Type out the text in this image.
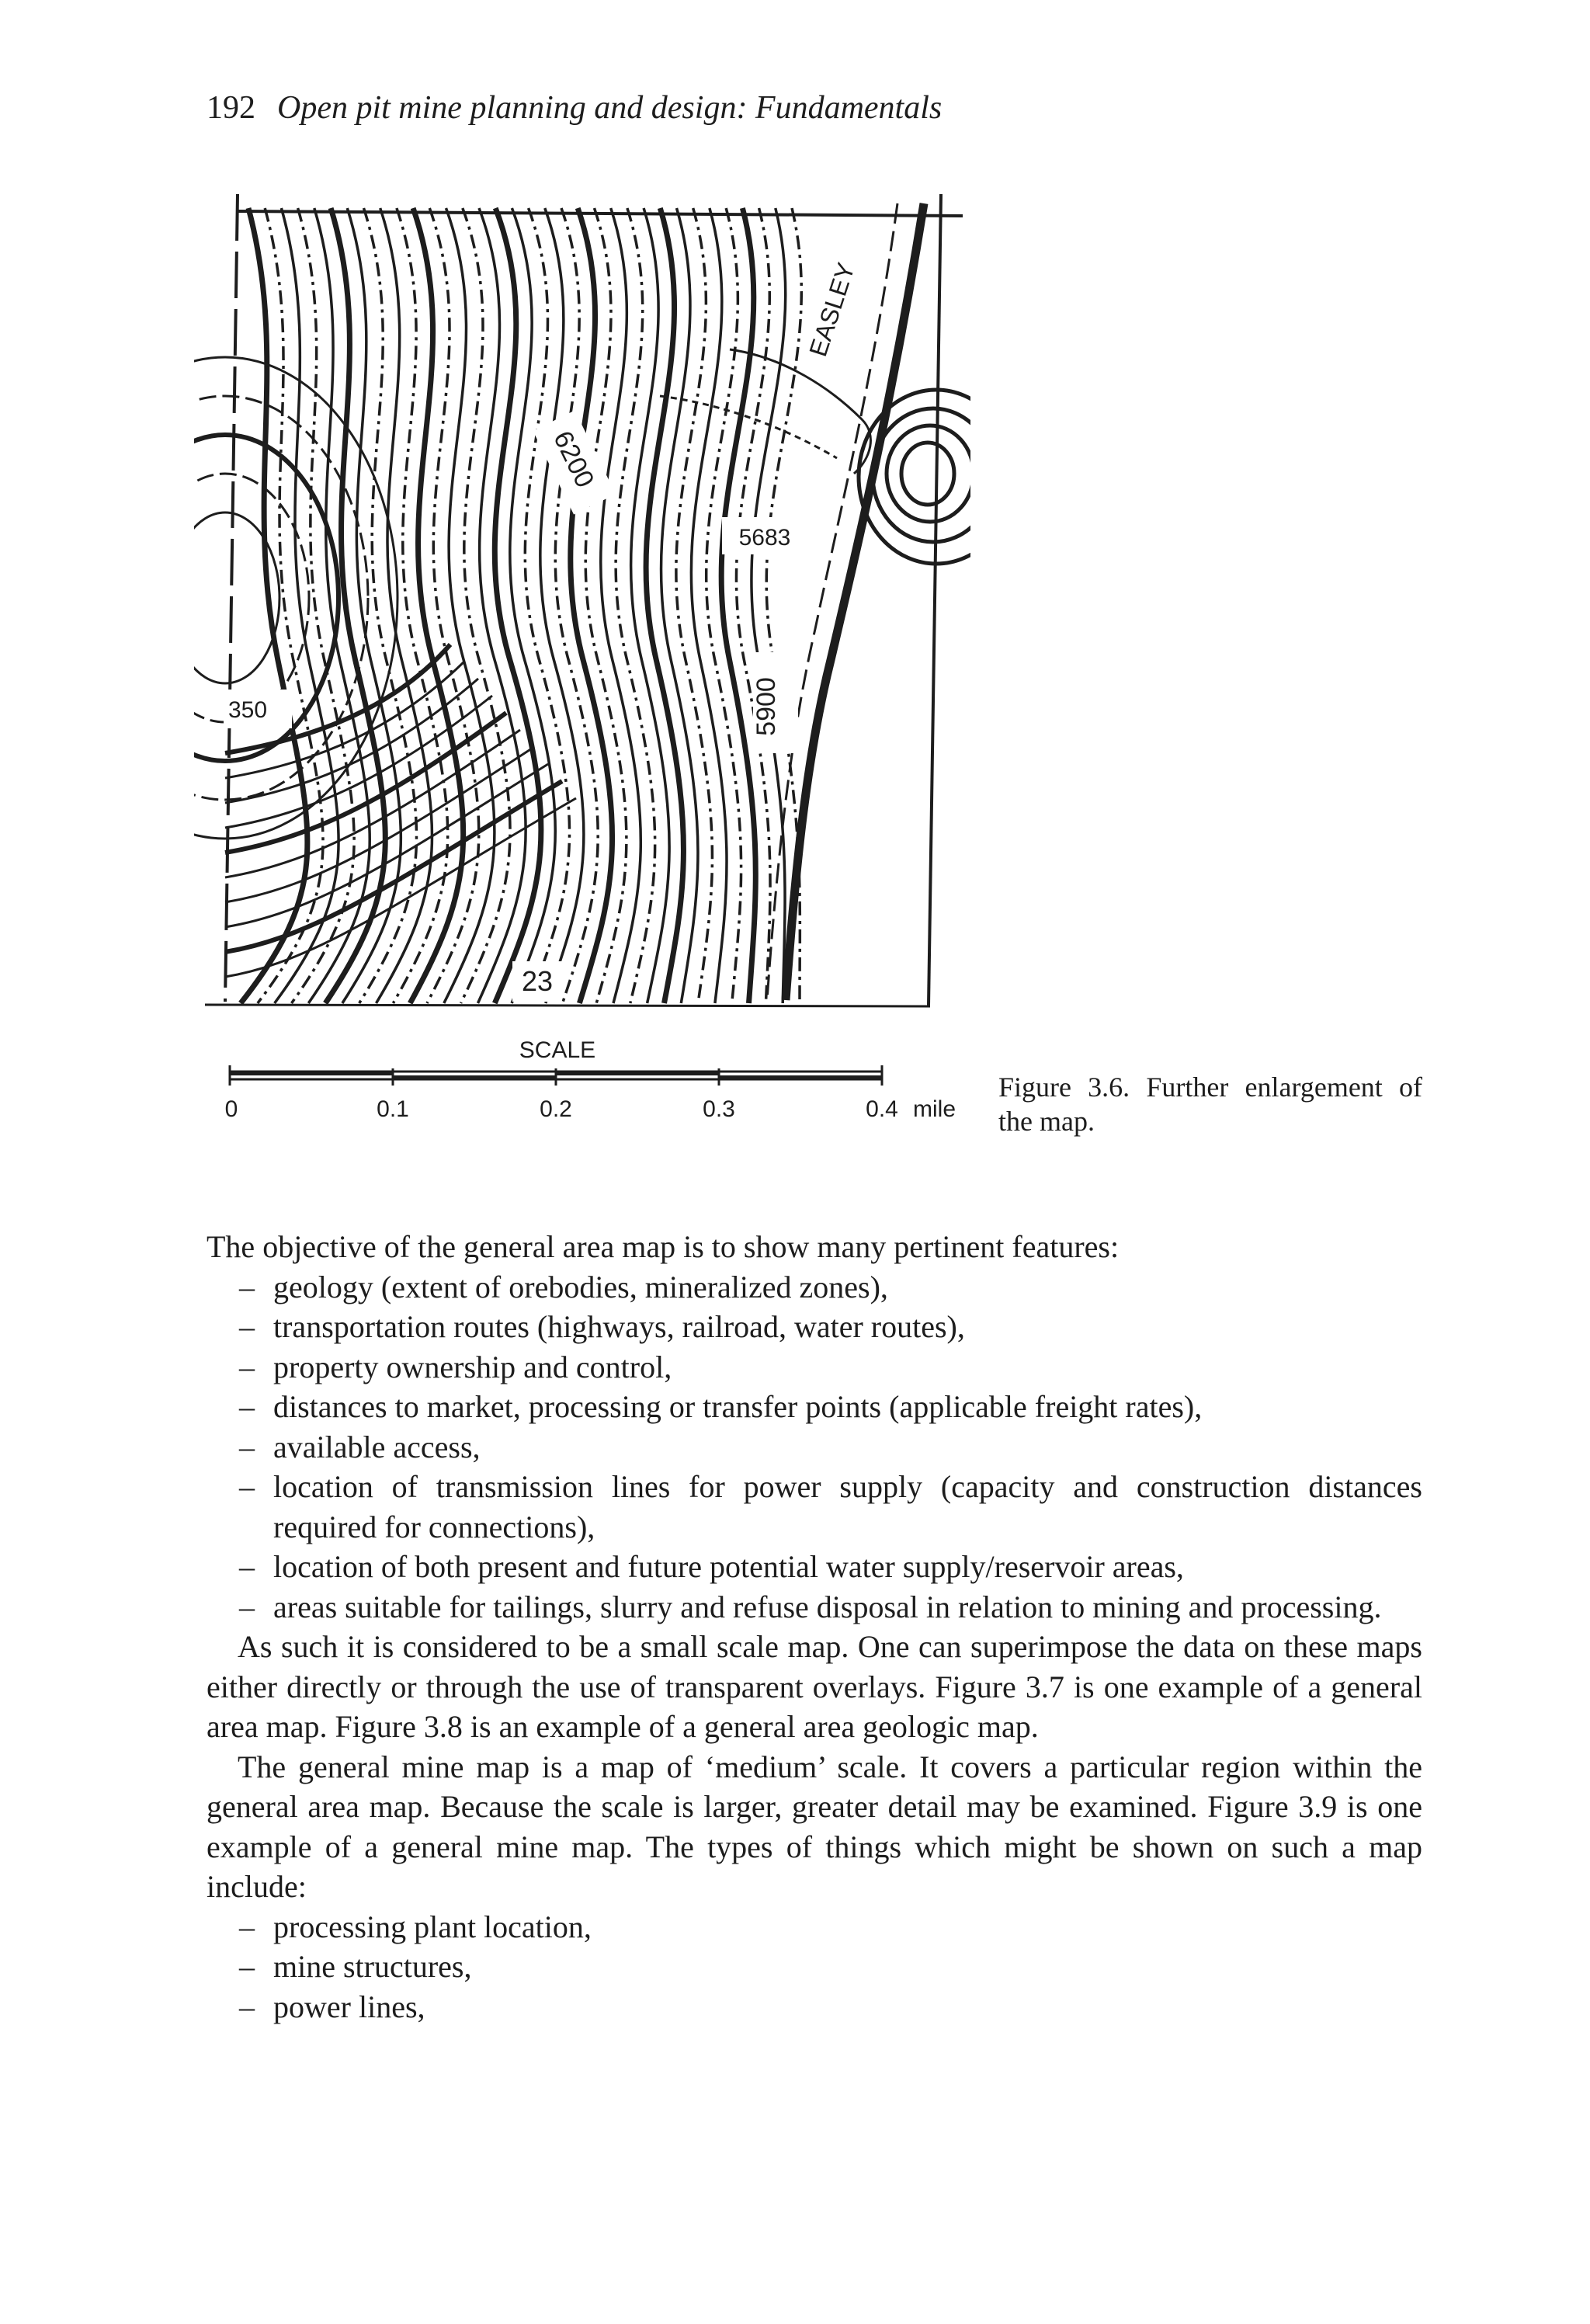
192 Open pit mine planning and design: Fundamentals
6200
5900
5683
350
23
EASLEY
SCALE
0	0.1	0.2	0.3	0.4 mile
Figure 3.6. Further enlargement of the map.

The objective of the general area map is to show many pertinent features:

– geology (extent of orebodies, mineralized zones),
– transportation routes (highways, railroad, water routes),
– property ownership and control,
– distances to market, processing or transfer points (applicable freight rates),
– available access,
– location of transmission lines for power supply (capacity and construction distances required for connections),
– location of both present and future potential water supply/reservoir areas,
– areas suitable for tailings, slurry and refuse disposal in relation to mining and processing.

As such it is considered to be a small scale map. One can superimpose the data on these maps either directly or through the use of transparent overlays. Figure 3.7 is one example of a general area map. Figure 3.8 is an example of a general area geologic map.

The general mine map is a map of ‘medium’ scale. It covers a particular region within the general area map. Because the scale is larger, greater detail may be examined. Figure 3.9 is one example of a general mine map. The types of things which might be shown on such a map include:

– processing plant location,
– mine structures,
– power lines,
